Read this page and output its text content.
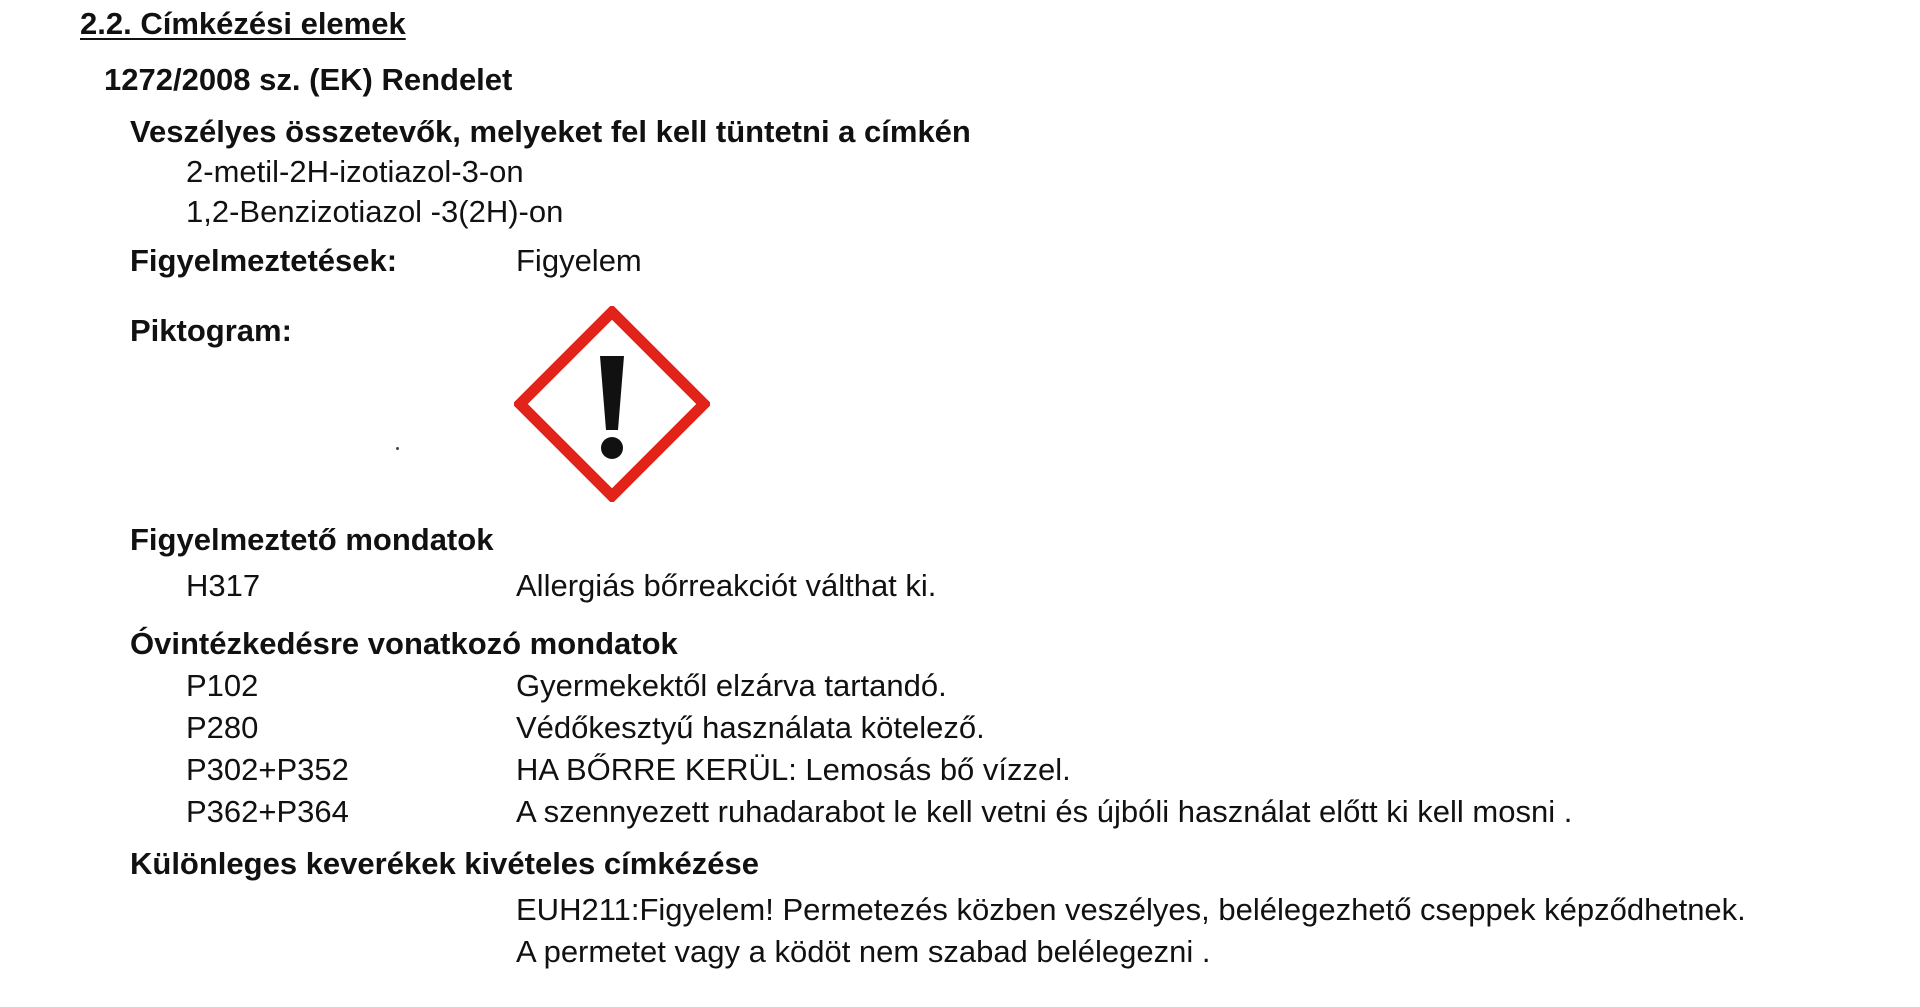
2.2. Címkézési elemek
1272/2008 sz. (EK) Rendelet
Veszélyes összetevők, melyeket fel kell tüntetni a címkén
2-metil-2H-izotiazol-3-on
1,2-Benzizotiazol -3(2H)-on
Figyelmeztetések:	Figyelem
Piktogram:
Figyelmeztető mondatok
H317	Allergiás bőrreakciót válthat ki.
Óvintézkedésre vonatkozó mondatok
P102	Gyermekektől elzárva tartandó.
P280	Védőkesztyű használata kötelező.
P302+P352	HA BŐRRE KERÜL: Lemosás bő vízzel.
P362+P364	A szennyezett ruhadarabot le kell vetni és újbóli használat előtt ki kell mosni .
Különleges keverékek kivételes címkézése
EUH211:Figyelem! Permetezés közben veszélyes, belélegezhető cseppek képződhetnek.
A permetet vagy a ködöt nem szabad belélegezni .
